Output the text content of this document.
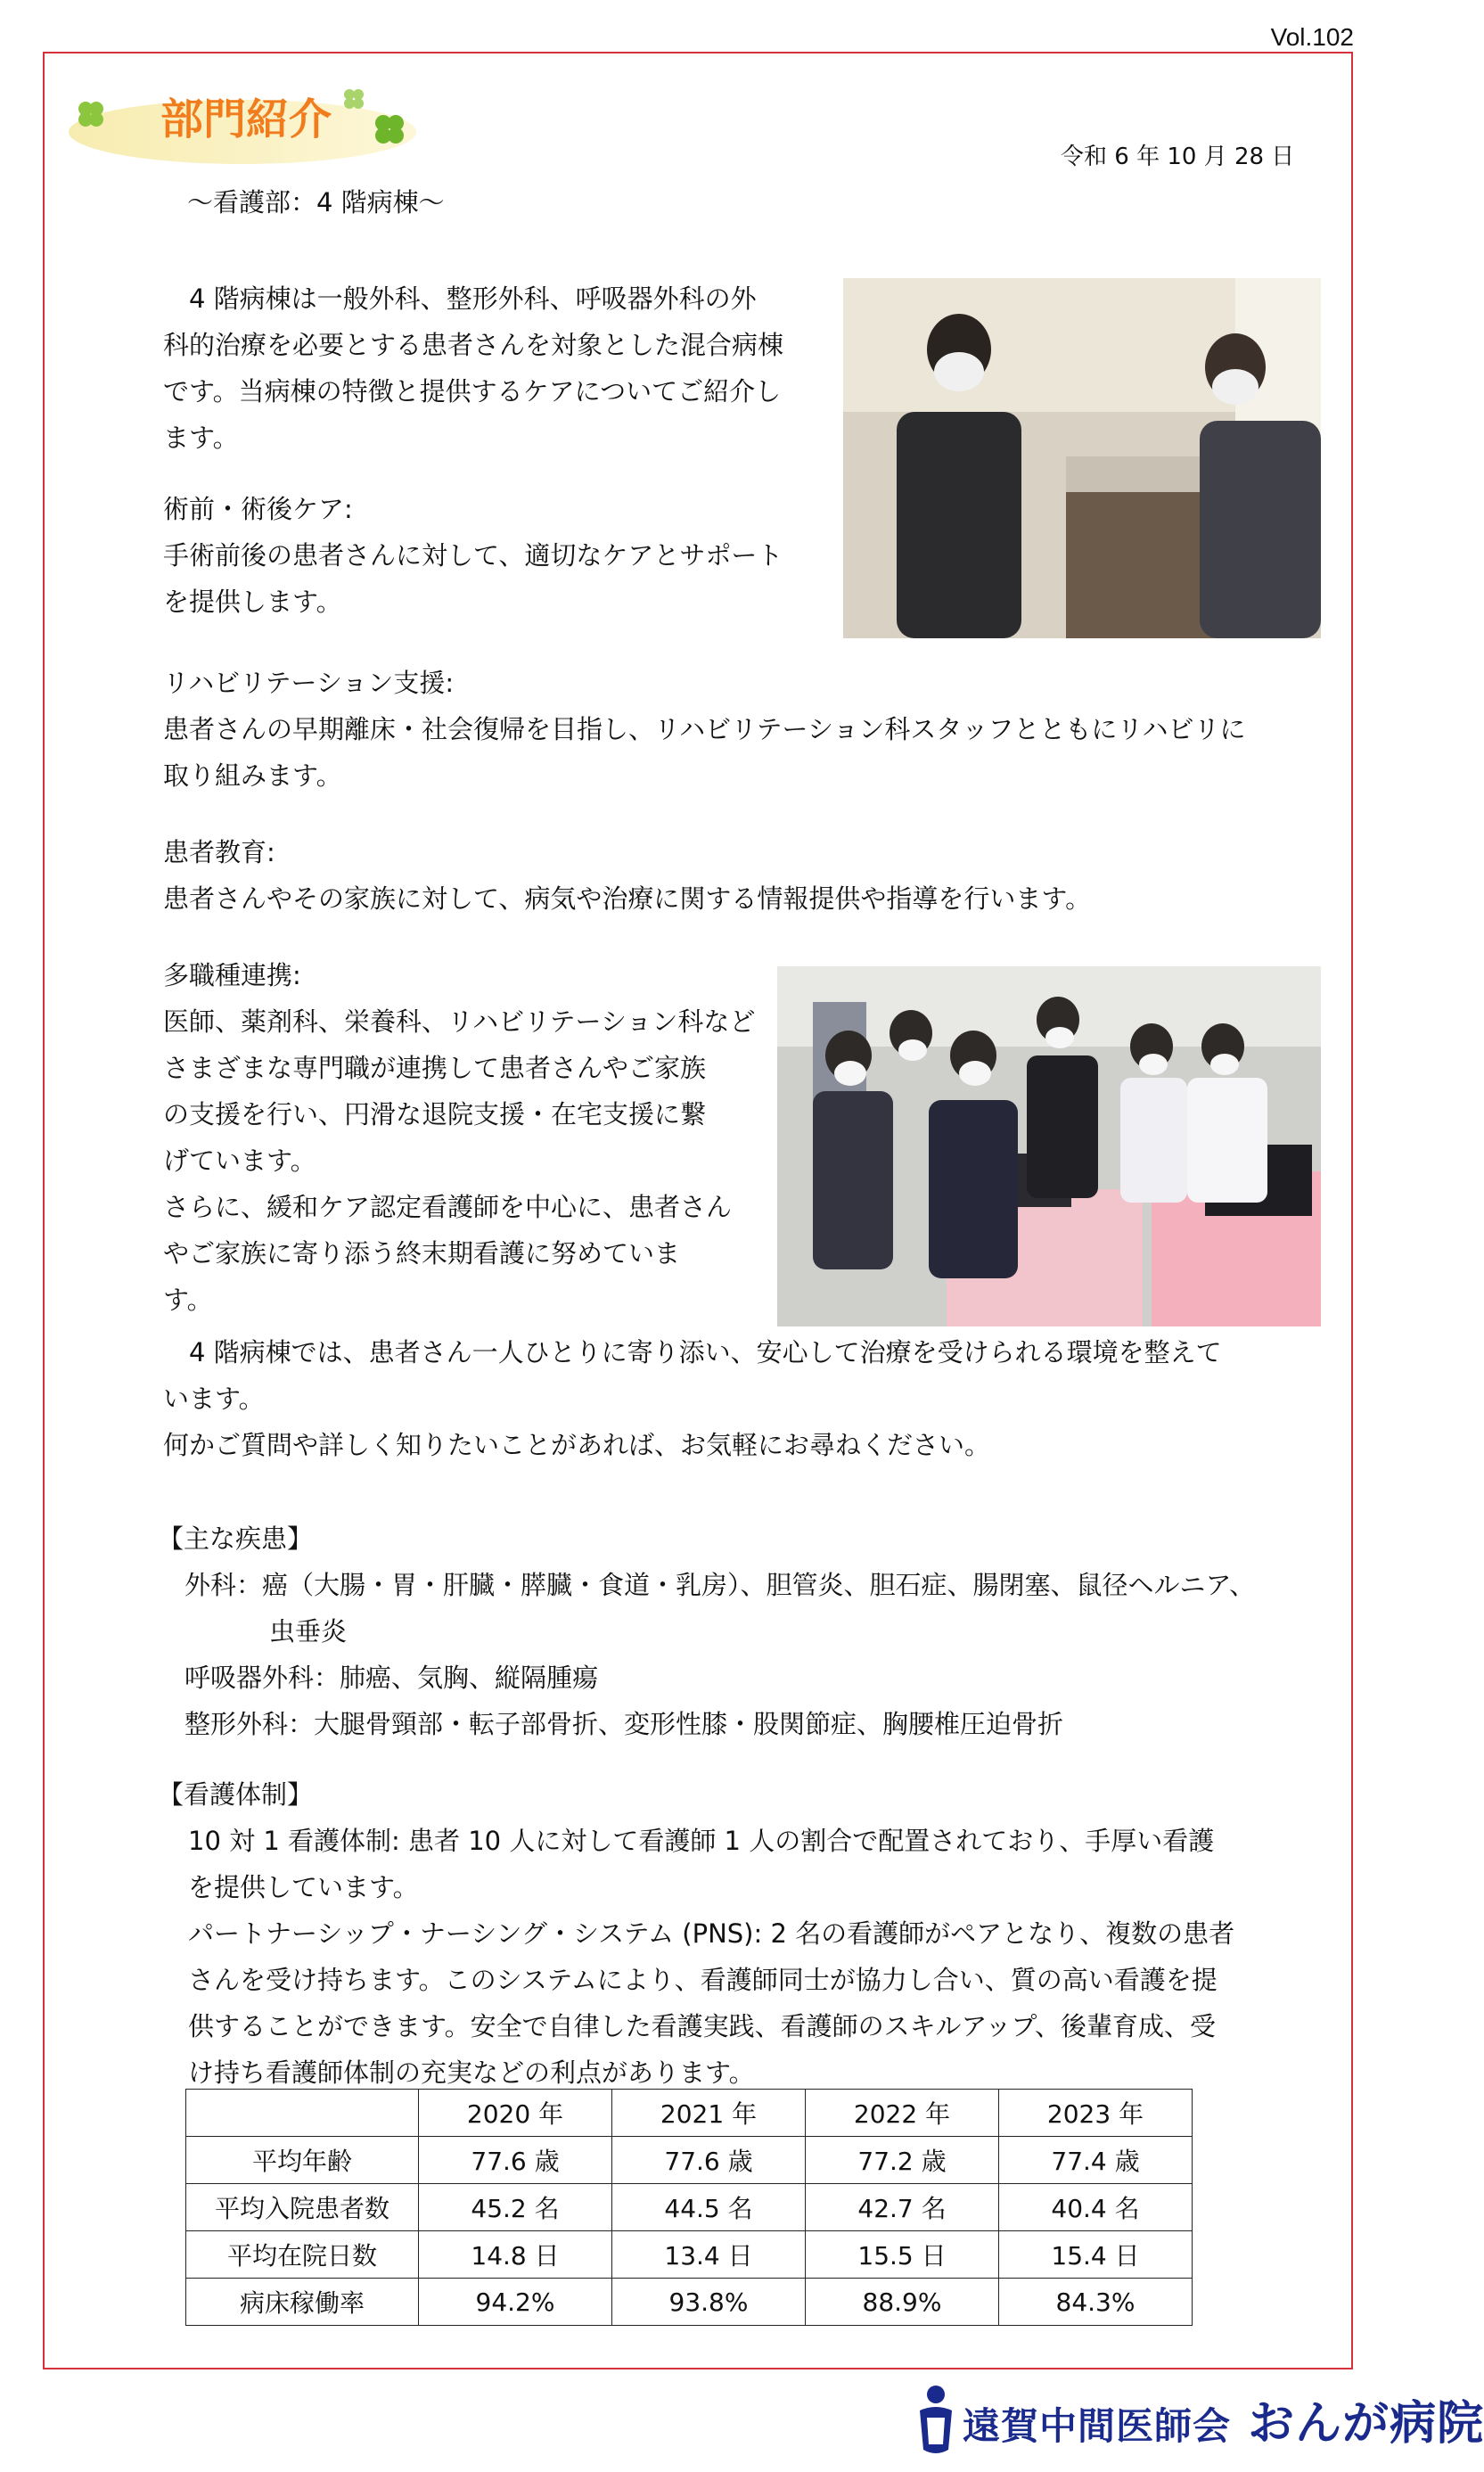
Vol.102
部門紹介
令和 6 年 10 月 28 日
～看護部：4 階病棟～
　4 階病棟は一般外科、整形外科、呼吸器外科の外
科的治療を必要とする患者さんを対象とした混合病棟
です。当病棟の特徴と提供するケアについてご紹介し
ます。
術前・術後ケア:
手術前後の患者さんに対して、適切なケアとサポート
を提供します。
リハビリテーション支援:
患者さんの早期離床・社会復帰を目指し、リハビリテーション科スタッフとともにリハビリに
取り組みます。
患者教育:
患者さんやその家族に対して、病気や治療に関する情報提供や指導を行います。
多職種連携:
医師、薬剤科、栄養科、リハビリテーション科など
さまざまな専門職が連携して患者さんやご家族
の支援を行い、円滑な退院支援・在宅支援に繋
げています。
さらに、緩和ケア認定看護師を中心に、患者さん
やご家族に寄り添う終末期看護に努めていま
す。
　4 階病棟では、患者さん一人ひとりに寄り添い、安心して治療を受けられる環境を整えて
います。
何かご質問や詳しく知りたいことがあれば、お気軽にお尋ねください。
【主な疾患】
外科：癌（大腸・胃・肝臓・膵臓・食道・乳房）、胆管炎、胆石症、腸閉塞、鼠径ヘルニア、
虫垂炎
呼吸器外科：肺癌、気胸、縦隔腫瘍
整形外科：大腿骨頸部・転子部骨折、変形性膝・股関節症、胸腰椎圧迫骨折
【看護体制】
10 対 1 看護体制: 患者 10 人に対して看護師 1 人の割合で配置されており、手厚い看護
を提供しています。
パートナーシップ・ナーシング・システム (PNS): 2 名の看護師がペアとなり、複数の患者
さんを受け持ちます。このシステムにより、看護師同士が協力し合い、質の高い看護を提
供することができます。安全で自律した看護実践、看護師のスキルアップ、後輩育成、受
け持ち看護師体制の充実などの利点があります。
	2020 年	2021 年	2022 年	2023 年
平均年齢	77.6 歳	77.6 歳	77.2 歳	77.4 歳
平均入院患者数	45.2 名	44.5 名	42.7 名	40.4 名
平均在院日数	14.8 日	13.4 日	15.5 日	15.4 日
病床稼働率	94.2%	93.8%	88.9%	84.3%
遠賀中間医師会 おんが病院
